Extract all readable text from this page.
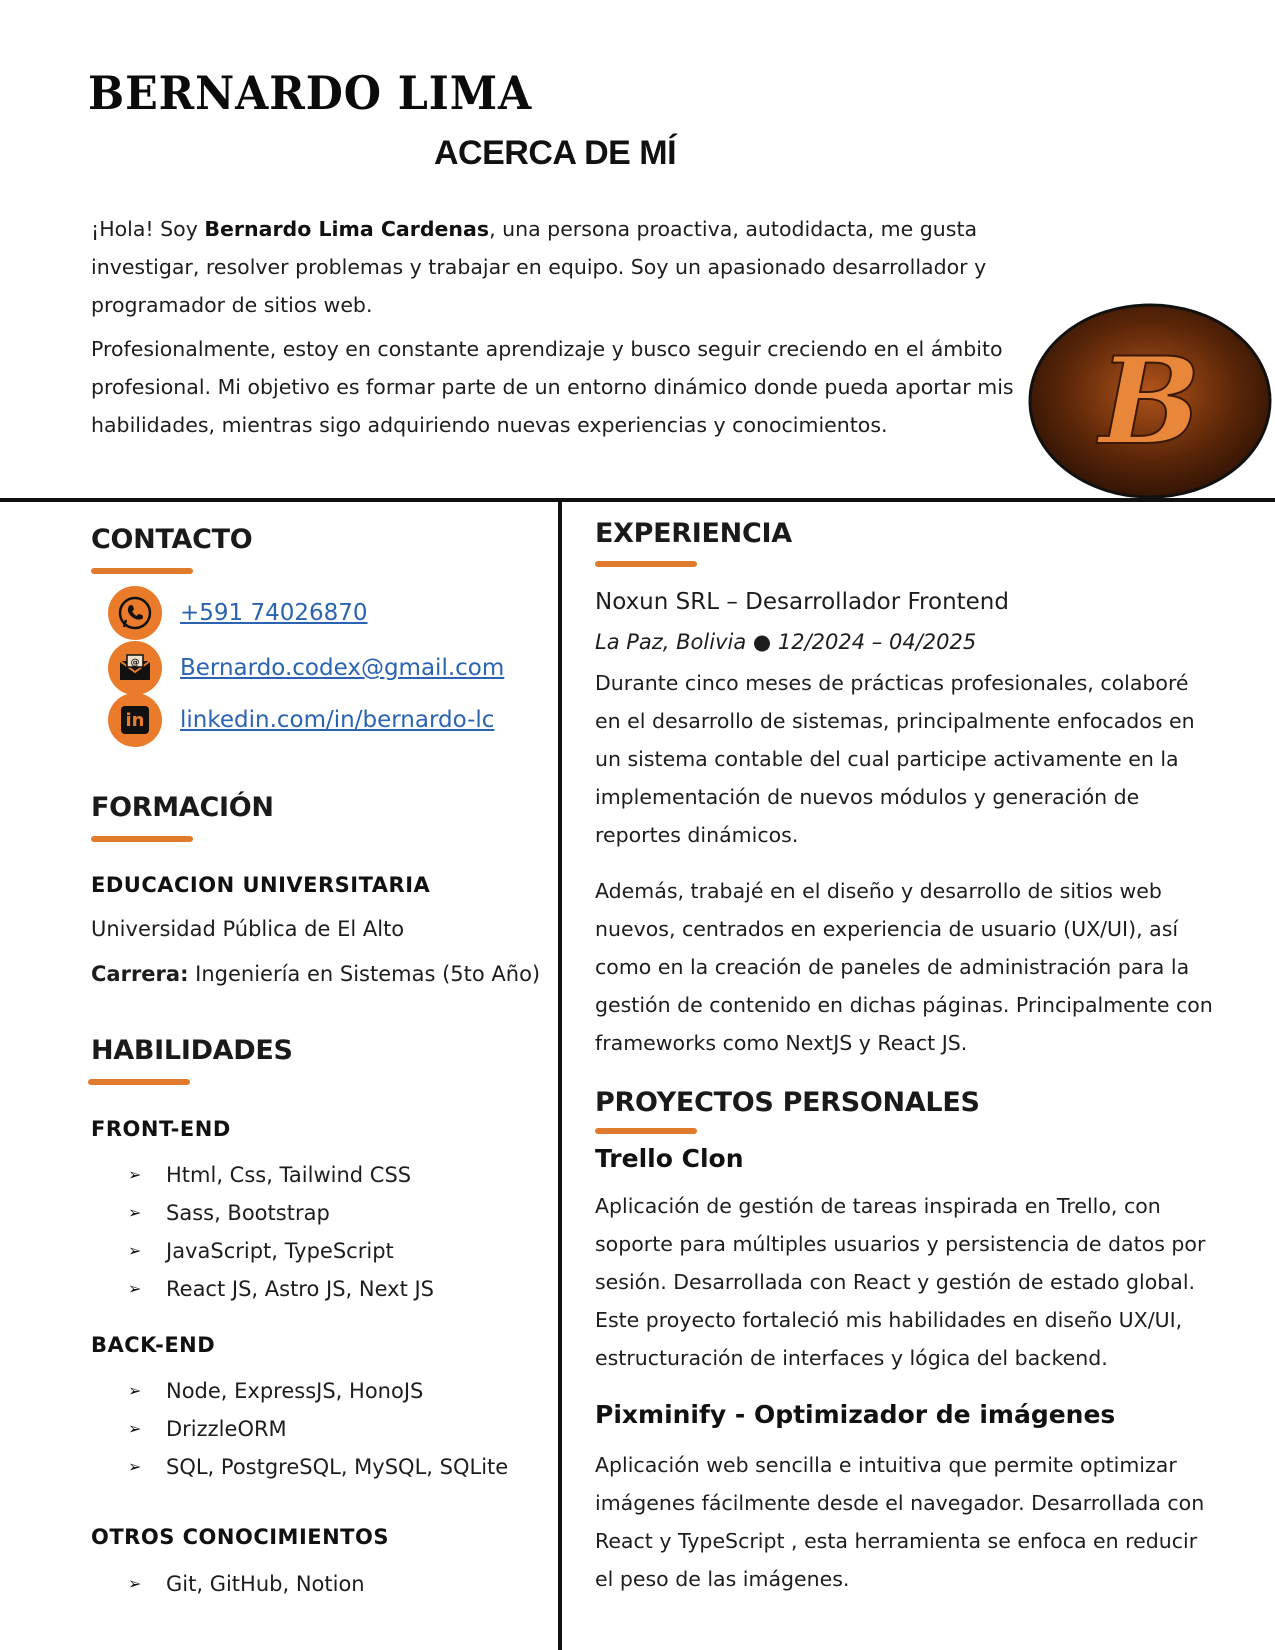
BERNARDO LIMA
ACERCA DE MÍ
¡Hola! Soy Bernardo Lima Cardenas, una persona proactiva, autodidacta, me gusta investigar, resolver problemas y trabajar en equipo. Soy un apasionado desarrollador y programador de sitios web.
Profesionalmente, estoy en constante aprendizaje y busco seguir creciendo en el ámbito profesional. Mi objetivo es formar parte de un entorno dinámico donde pueda aportar mis habilidades, mientras sigo adquiriendo nuevas experiencias y conocimientos.	B
CONTACTO
+591 74026870
@ Bernardo.codex@gmail.com
in linkedin.com/in/bernardo-lc
FORMACIÓN
EDUCACION UNIVERSITARIA
Universidad Pública de El Alto
Carrera: Ingeniería en Sistemas (5to Año)
HABILIDADES
FRONT-END
➢	Html, Css, Tailwind CSS
➢	Sass, Bootstrap
➢	JavaScript, TypeScript
➢	React JS, Astro JS, Next JS
BACK-END
➢	Node, ExpressJS, HonoJS
➢	DrizzleORM
➢	SQL, PostgreSQL, MySQL, SQLite
OTROS CONOCIMIENTOS
➢	Git, GitHub, Notion
EXPERIENCIA
Noxun SRL – Desarrollador Frontend
La Paz, Bolivia ● 12/2024 – 04/2025
Durante cinco meses de prácticas profesionales, colaboré en el desarrollo de sistemas, principalmente enfocados en un sistema contable del cual participe activamente en la implementación de nuevos módulos y generación de reportes dinámicos.
Además, trabajé en el diseño y desarrollo de sitios web nuevos, centrados en experiencia de usuario (UX/UI), así como en la creación de paneles de administración para la gestión de contenido en dichas páginas. Principalmente con frameworks como NextJS y React JS.
PROYECTOS PERSONALES
Trello Clon
Aplicación de gestión de tareas inspirada en Trello, con soporte para múltiples usuarios y persistencia de datos por sesión. Desarrollada con React y gestión de estado global. Este proyecto fortaleció mis habilidades en diseño UX/UI, estructuración de interfaces y lógica del backend.
Pixminify - Optimizador de imágenes
Aplicación web sencilla e intuitiva que permite optimizar imágenes fácilmente desde el navegador. Desarrollada con React y TypeScript , esta herramienta se enfoca en reducir el peso de las imágenes.
